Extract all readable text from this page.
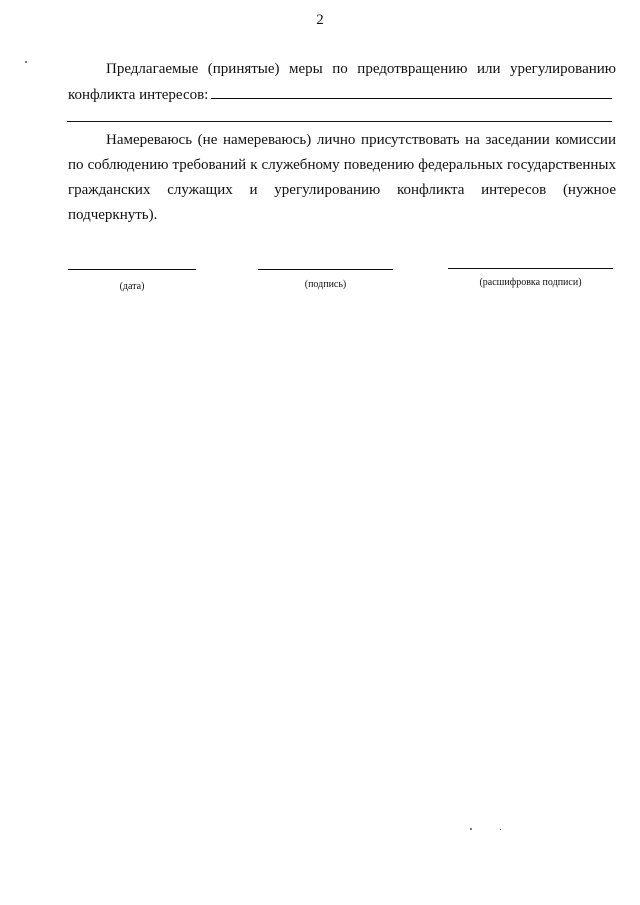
2
Предлагаемые (принятые) меры по предотвращению или урегулированию
конфликта интересов:
Намереваюсь (не намереваюсь) лично присутствовать на заседании комиссии
по соблюдению требований к служебному поведению федеральных государственных
гражданских служащих и урегулированию конфликта интересов (нужное
подчеркнуть).
(дата)	(подпись)	(расшифровка подписи)
